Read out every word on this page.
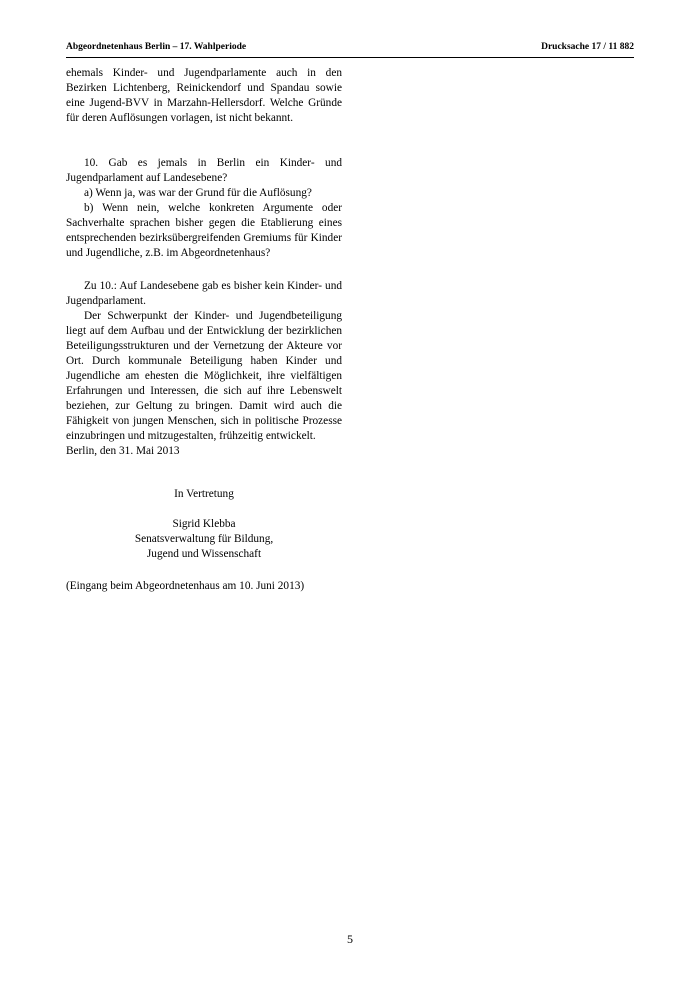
Abgeordnetenhaus Berlin – 17. Wahlperiode	Drucksache 17 / 11 882

ehemals Kinder- und Jugendparlamente auch in den Bezirken Lichtenberg, Reinickendorf und Spandau sowie eine Jugend-BVV in Marzahn-Hellersdorf. Welche Gründe für deren Auflösungen vorlagen, ist nicht bekannt.

10. Gab es jemals in Berlin ein Kinder- und Jugendparlament auf Landesebene?

a) Wenn ja, was war der Grund für die Auflösung?

b) Wenn nein, welche konkreten Argumente oder Sachverhalte sprachen bisher gegen die Etablierung eines entsprechenden bezirksübergreifenden Gremiums für Kinder und Jugendliche, z.B. im Abgeordnetenhaus?

Zu 10.: Auf Landesebene gab es bisher kein Kinder- und Jugendparlament.

Der Schwerpunkt der Kinder- und Jugendbeteiligung liegt auf dem Aufbau und der Entwicklung der bezirklichen Beteiligungsstrukturen und der Vernetzung der Akteure vor Ort. Durch kommunale Beteiligung haben Kinder und Jugendliche am ehesten die Möglichkeit, ihre vielfältigen Erfahrungen und Interessen, die sich auf ihre Lebenswelt beziehen, zur Geltung zu bringen. Damit wird auch die Fähigkeit von jungen Menschen, sich in politische Prozesse einzubringen und mitzugestalten, frühzeitig entwickelt.

Berlin, den 31. Mai 2013
In Vertretung
Sigrid Klebba
Senatsverwaltung für Bildung,
Jugend und Wissenschaft
(Eingang beim Abgeordnetenhaus am 10. Juni 2013)
5
